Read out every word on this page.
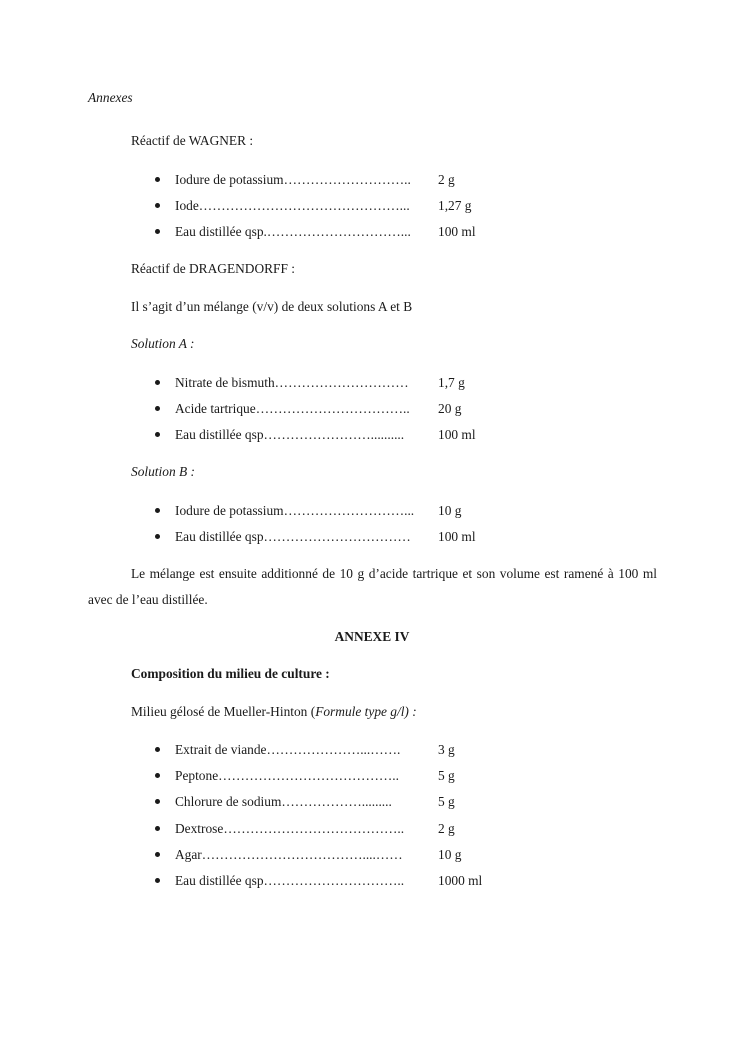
Annexes
Réactif de WAGNER :
Iodure de potassium……………………….. 2 g
Iode………………………………………... 1,27 g
Eau distillée qsp.…………………………... 100 ml
Réactif de DRAGENDORFF :
Il s’agit d’un mélange (v/v) de deux solutions A et B
Solution A :
Nitrate de bismuth………………………… 1,7 g
Acide tartrique…………………………….. 20 g
Eau distillée qsp……………………..........	100 ml
Solution B :
Iodure de potassium………………………... 10 g
Eau distillée qsp…………………………… 100 ml
Le mélange est ensuite additionné de 10 g d’acide tartrique et son volume est ramené à 100 ml avec de l’eau distillée.
ANNEXE IV
Composition du milieu de culture :
Milieu gélosé de Mueller-Hinton (Formule type g/l) :
Extrait de viande…………………...…….	3 g
Peptone…………………………………..	5 g
Chlorure de sodium……………….........	5 g
Dextrose…………………………………..	2 g
Agar………………………………....……	10 g
Eau distillée qsp…………………………..	1000 ml
